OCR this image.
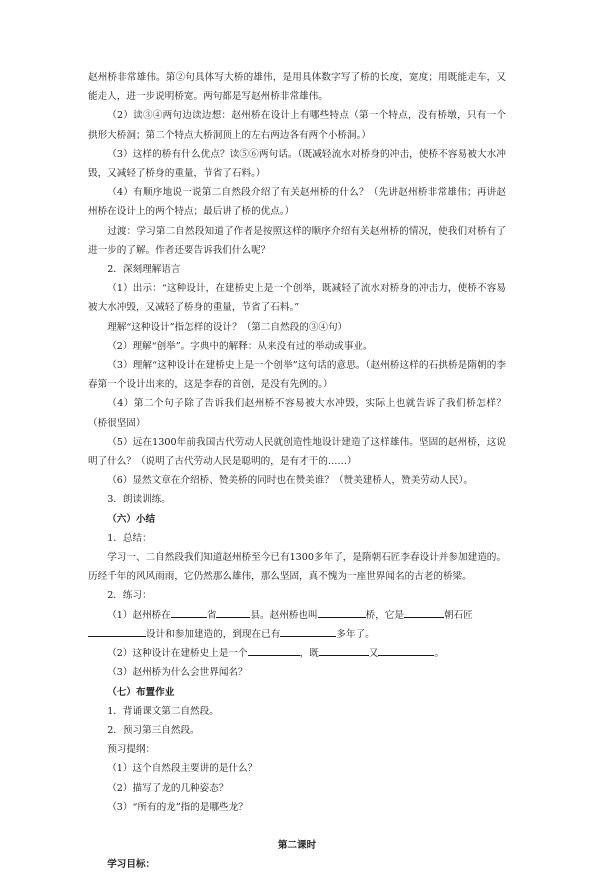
赵州桥非常雄伟。第②句具体写大桥的雄伟，是用具体数字写了桥的长度，宽度；用既能走车，又能走人，进一步说明桥宽。两句都是写赵州桥非常雄伟。

（2）读③④两句边读边想：赵州桥在设计上有哪些特点（第一个特点，没有桥墩，只有一个拱形大桥洞；第二个特点大桥洞顶上的左右两边各有两个小桥洞。）

（3）这样的桥有什么优点？读⑤⑥两句话。（既减轻流水对桥身的冲击，使桥不容易被大水冲毁，又减轻了桥身的重量，节省了石料。）

（4）有顺序地说一说第二自然段介绍了有关赵州桥的什么？（先讲赵州桥非常雄伟；再讲赵州桥在设计上的两个特点；最后讲了桥的优点。）

过渡：学习第二自然段知道了作者是按照这样的顺序介绍有关赵州桥的情况，使我们对桥有了进一步的了解。作者还要告诉我们什么呢？

2．深刻理解语言

（1）出示：“这种设计，在建桥史上是一个创举，既减轻了流水对桥身的冲击力，使桥不容易被大水冲毁，又减轻了桥身的重量，节省了石料。”

理解“这种设计”指怎样的设计？（第二自然段的③④句）

（2）理解“创举”。字典中的解释：从来没有过的举动或事业。

（3）理解“这种设计在建桥史上是一个创举”这句话的意思。（赵州桥这样的石拱桥是隋朝的李春第一个设计出来的，这是李春的首创，是没有先例的。）

（4）第二个句子除了告诉我们赵州桥不容易被大水冲毁，实际上也就告诉了我们桥怎样？（桥很坚固）

（5）远在1300年前我国古代劳动人民就创造性地设计建造了这样雄伟。坚固的赵州桥，这说明了什么？（说明了古代劳动人民是聪明的，是有才干的……）

（6）显然文章在介绍桥、赞美桥的同时也在赞美谁？（赞美建桥人，赞美劳动人民）。

3．朗读训练。

（六）小结

1．总结：

学习一、二自然段我们知道赵州桥至今已有1300多年了，是隋朝石匠李春设计并参加建造的。历经千年的风风雨雨，它仍然那么雄伟，那么坚固，真不愧为一座世界闻名的古老的桥梁。

2．练习：

（1）赵州桥在	省	县。赵州桥也叫	桥，它是	朝石匠

设计和参加建造的，到现在已有	多年了。

（2）这种设计在建桥史上是一个	，既	又	。

（3）赵州桥为什么会世界闻名？

（七）布置作业

1．背诵课文第二自然段。

2．预习第三自然段。

预习提纲：

（1）这个自然段主要讲的是什么？

（2）描写了龙的几种姿态？

（3）“所有的龙”指的是哪些龙？

第二课时

学习目标：
